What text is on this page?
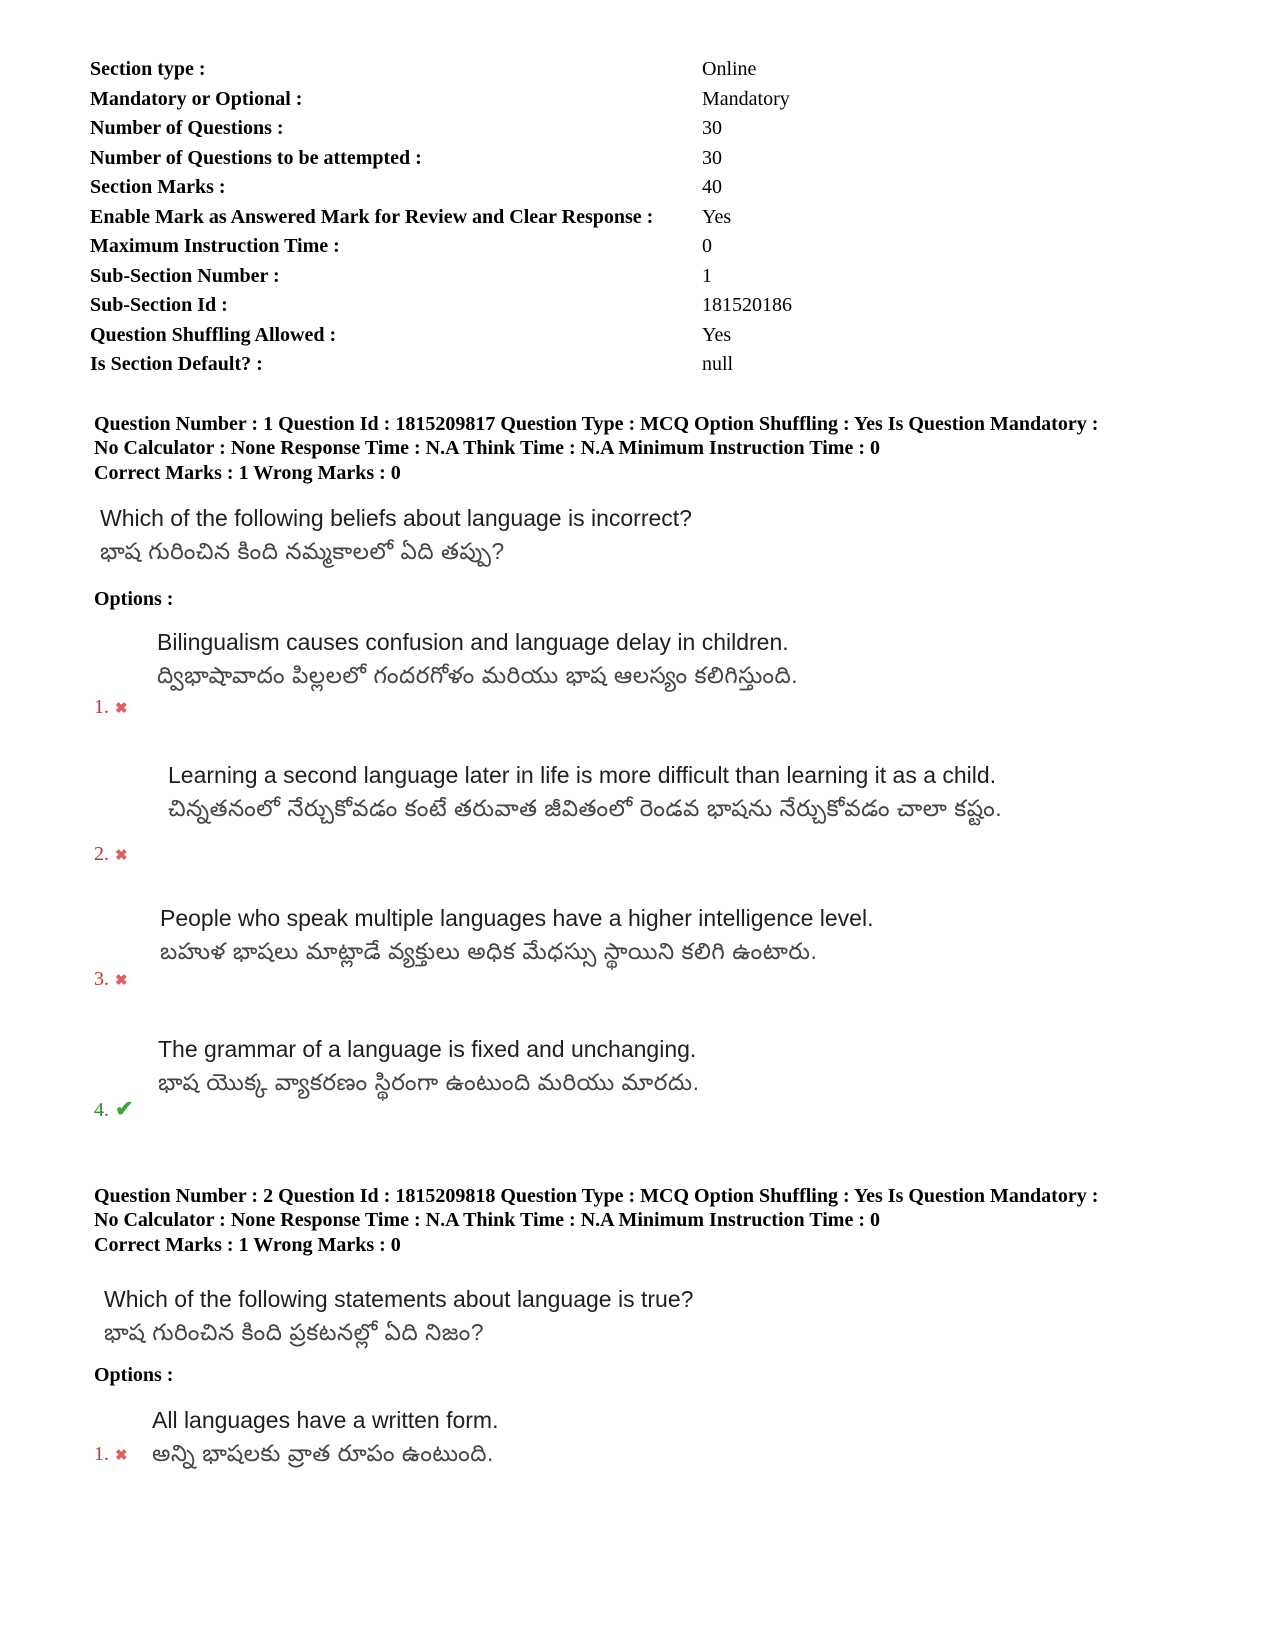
Section type :	Online
Mandatory or Optional :	Mandatory
Number of Questions :	30
Number of Questions to be attempted :	30
Section Marks :	40
Enable Mark as Answered Mark for Review and Clear Response : Yes
Maximum Instruction Time :	0
Sub-Section Number :	1
Sub-Section Id :	181520186
Question Shuffling Allowed :	Yes
Is Section Default? :	null
Question Number : 1 Question Id : 1815209817 Question Type : MCQ Option Shuffling : Yes Is Question Mandatory :
No Calculator : None Response Time : N.A Think Time : N.A Minimum Instruction Time : 0
Correct Marks : 1 Wrong Marks : 0
Which of the following beliefs about language is incorrect?
భాష గురించిన కింది నమ్మకాలలో ఏది తప్పు?
Options :
Bilingualism causes confusion and language delay in children.
ద్విభాషావాదం పిల్లలలో గందరగోళం మరియు భాష ఆలస్యం కలిగిస్తుంది.
1. ✖
Learning a second language later in life is more difficult than learning it as a child.
చిన్నతనంలో నేర్చుకోవడం కంటే తరువాత జీవితంలో రెండవ భాషను నేర్చుకోవడం చాలా కష్టం.
2. ✖
People who speak multiple languages have a higher intelligence level.
బహుళ భాషలు మాట్లాడే వ్యక్తులు అధిక మేధస్సు స్థాయిని కలిగి ఉంటారు.
3. ✖
The grammar of a language is fixed and unchanging.
భాష యొక్క వ్యాకరణం స్థిరంగా ఉంటుంది మరియు మారదు.
4. ✔
Question Number : 2 Question Id : 1815209818 Question Type : MCQ Option Shuffling : Yes Is Question Mandatory :
No Calculator : None Response Time : N.A Think Time : N.A Minimum Instruction Time : 0
Correct Marks : 1 Wrong Marks : 0
Which of the following statements about language is true?
భాష గురించిన కింది ప్రకటనల్లో ఏది నిజం?
Options :
All languages have a written form.
అన్ని భాషలకు వ్రాత రూపం ఉంటుంది.
1. ✖
